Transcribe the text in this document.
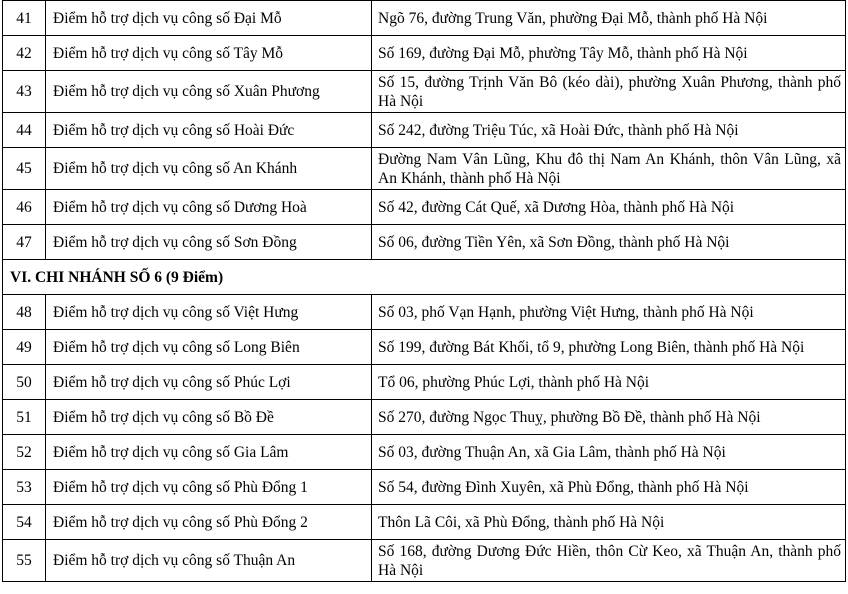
41	Điểm hỗ trợ dịch vụ công số Đại Mỗ	Ngõ 76, đường Trung Văn, phường Đại Mỗ, thành phố Hà Nội
42	Điểm hỗ trợ dịch vụ công số Tây Mỗ	Số 169, đường Đại Mỗ, phường Tây Mỗ, thành phố Hà Nội
43	Điểm hỗ trợ dịch vụ công số Xuân Phương	Số 15, đường Trịnh Văn Bô (kéo dài), phường Xuân Phương, thành phố Hà Nội
44	Điểm hỗ trợ dịch vụ công số Hoài Đức	Số 242, đường Triệu Túc, xã Hoài Đức, thành phố Hà Nội
45	Điểm hỗ trợ dịch vụ công số An Khánh	Đường Nam Vân Lũng, Khu đô thị Nam An Khánh, thôn Vân Lũng, xã An Khánh, thành phố Hà Nội
46	Điểm hỗ trợ dịch vụ công số Dương Hoà	Số 42, đường Cát Quế, xã Dương Hòa, thành phố Hà Nội
47	Điểm hỗ trợ dịch vụ công số Sơn Đồng	Số 06, đường Tiền Yên, xã Sơn Đồng, thành phố Hà Nội
VI. CHI NHÁNH SỐ 6 (9 Điểm)		
48	Điểm hỗ trợ dịch vụ công số Việt Hưng	Số 03, phố Vạn Hạnh, phường Việt Hưng, thành phố Hà Nội
49	Điểm hỗ trợ dịch vụ công số Long Biên	Số 199, đường Bát Khối, tổ 9, phường Long Biên, thành phố Hà Nội
50	Điểm hỗ trợ dịch vụ công số Phúc Lợi	Tổ 06, phường Phúc Lợi, thành phố Hà Nội
51	Điểm hỗ trợ dịch vụ công số Bồ Đề	Số 270, đường Ngọc Thuỵ, phường Bồ Đề, thành phố Hà Nội
52	Điểm hỗ trợ dịch vụ công số Gia Lâm	Số 03, đường Thuận An, xã Gia Lâm, thành phố Hà Nội
53	Điểm hỗ trợ dịch vụ công số Phù Đổng 1	Số 54, đường Đình Xuyên, xã Phù Đổng, thành phố Hà Nội
54	Điểm hỗ trợ dịch vụ công số Phù Đổng 2	Thôn Lã Côi, xã Phù Đổng, thành phố Hà Nội
55	Điểm hỗ trợ dịch vụ công số Thuận An	Số 168, đường Dương Đức Hiền, thôn Cừ Keo, xã Thuận An, thành phố Hà Nội
